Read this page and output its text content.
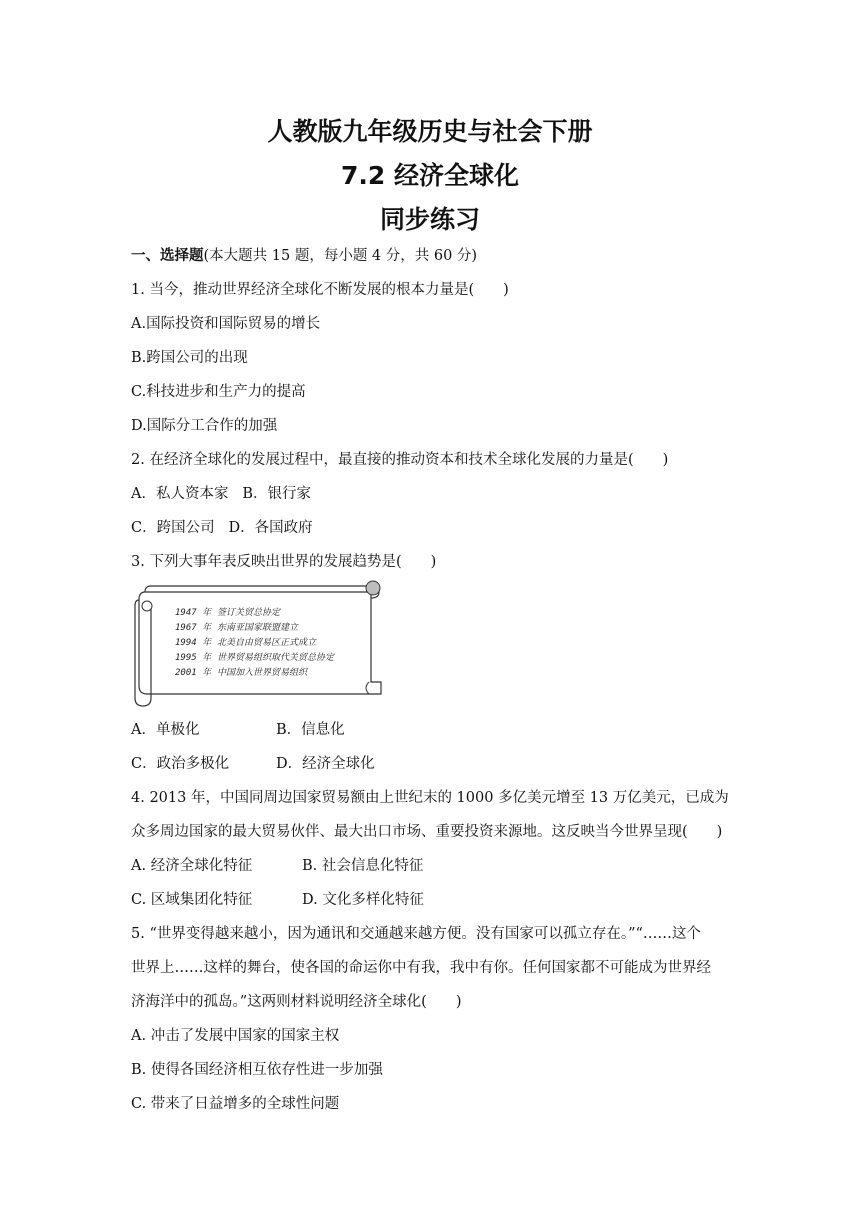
人教版九年级历史与社会下册
7.2 经济全球化
同步练习
一、选择题(本大题共 15 题，每小题 4 分，共 60 分)
1. 当今，推动世界经济全球化不断发展的根本力量是(　　)
A.国际投资和国际贸易的增长
B.跨国公司的出现
C.科技进步和生产力的提高
D.国际分工合作的加强
2. 在经济全球化的发展过程中，最直接的推动资本和技术全球化发展的力量是(　　)
A．私人资本家 B．银行家
C．跨国公司 D．各国政府
3. 下列大事年表反映出世界的发展趋势是(　　)
1947 年 签订关贸总协定
1967 年 东南亚国家联盟建立
1994 年 北美自由贸易区正式成立
1995 年 世界贸易组织取代关贸总协定
2001 年 中国加入世界贸易组织
A．单极化	B．信息化
C．政治多极化	D．经济全球化
4. 2013 年，中国同周边国家贸易额由上世纪末的 1000 多亿美元增至 13 万亿美元，已成为
众多周边国家的最大贸易伙伴、最大出口市场、重要投资来源地。这反映当今世界呈现(　　)
A. 经济全球化特征	B. 社会信息化特征
C. 区域集团化特征	D. 文化多样化特征
5. “世界变得越来越小，因为通讯和交通越来越方便。没有国家可以孤立存在。”“……这个
世界上……这样的舞台，使各国的命运你中有我，我中有你。任何国家都不可能成为世界经
济海洋中的孤岛。”这两则材料说明经济全球化(　　)
A. 冲击了发展中国家的国家主权
B. 使得各国经济相互依存性进一步加强
C. 带来了日益增多的全球性问题
